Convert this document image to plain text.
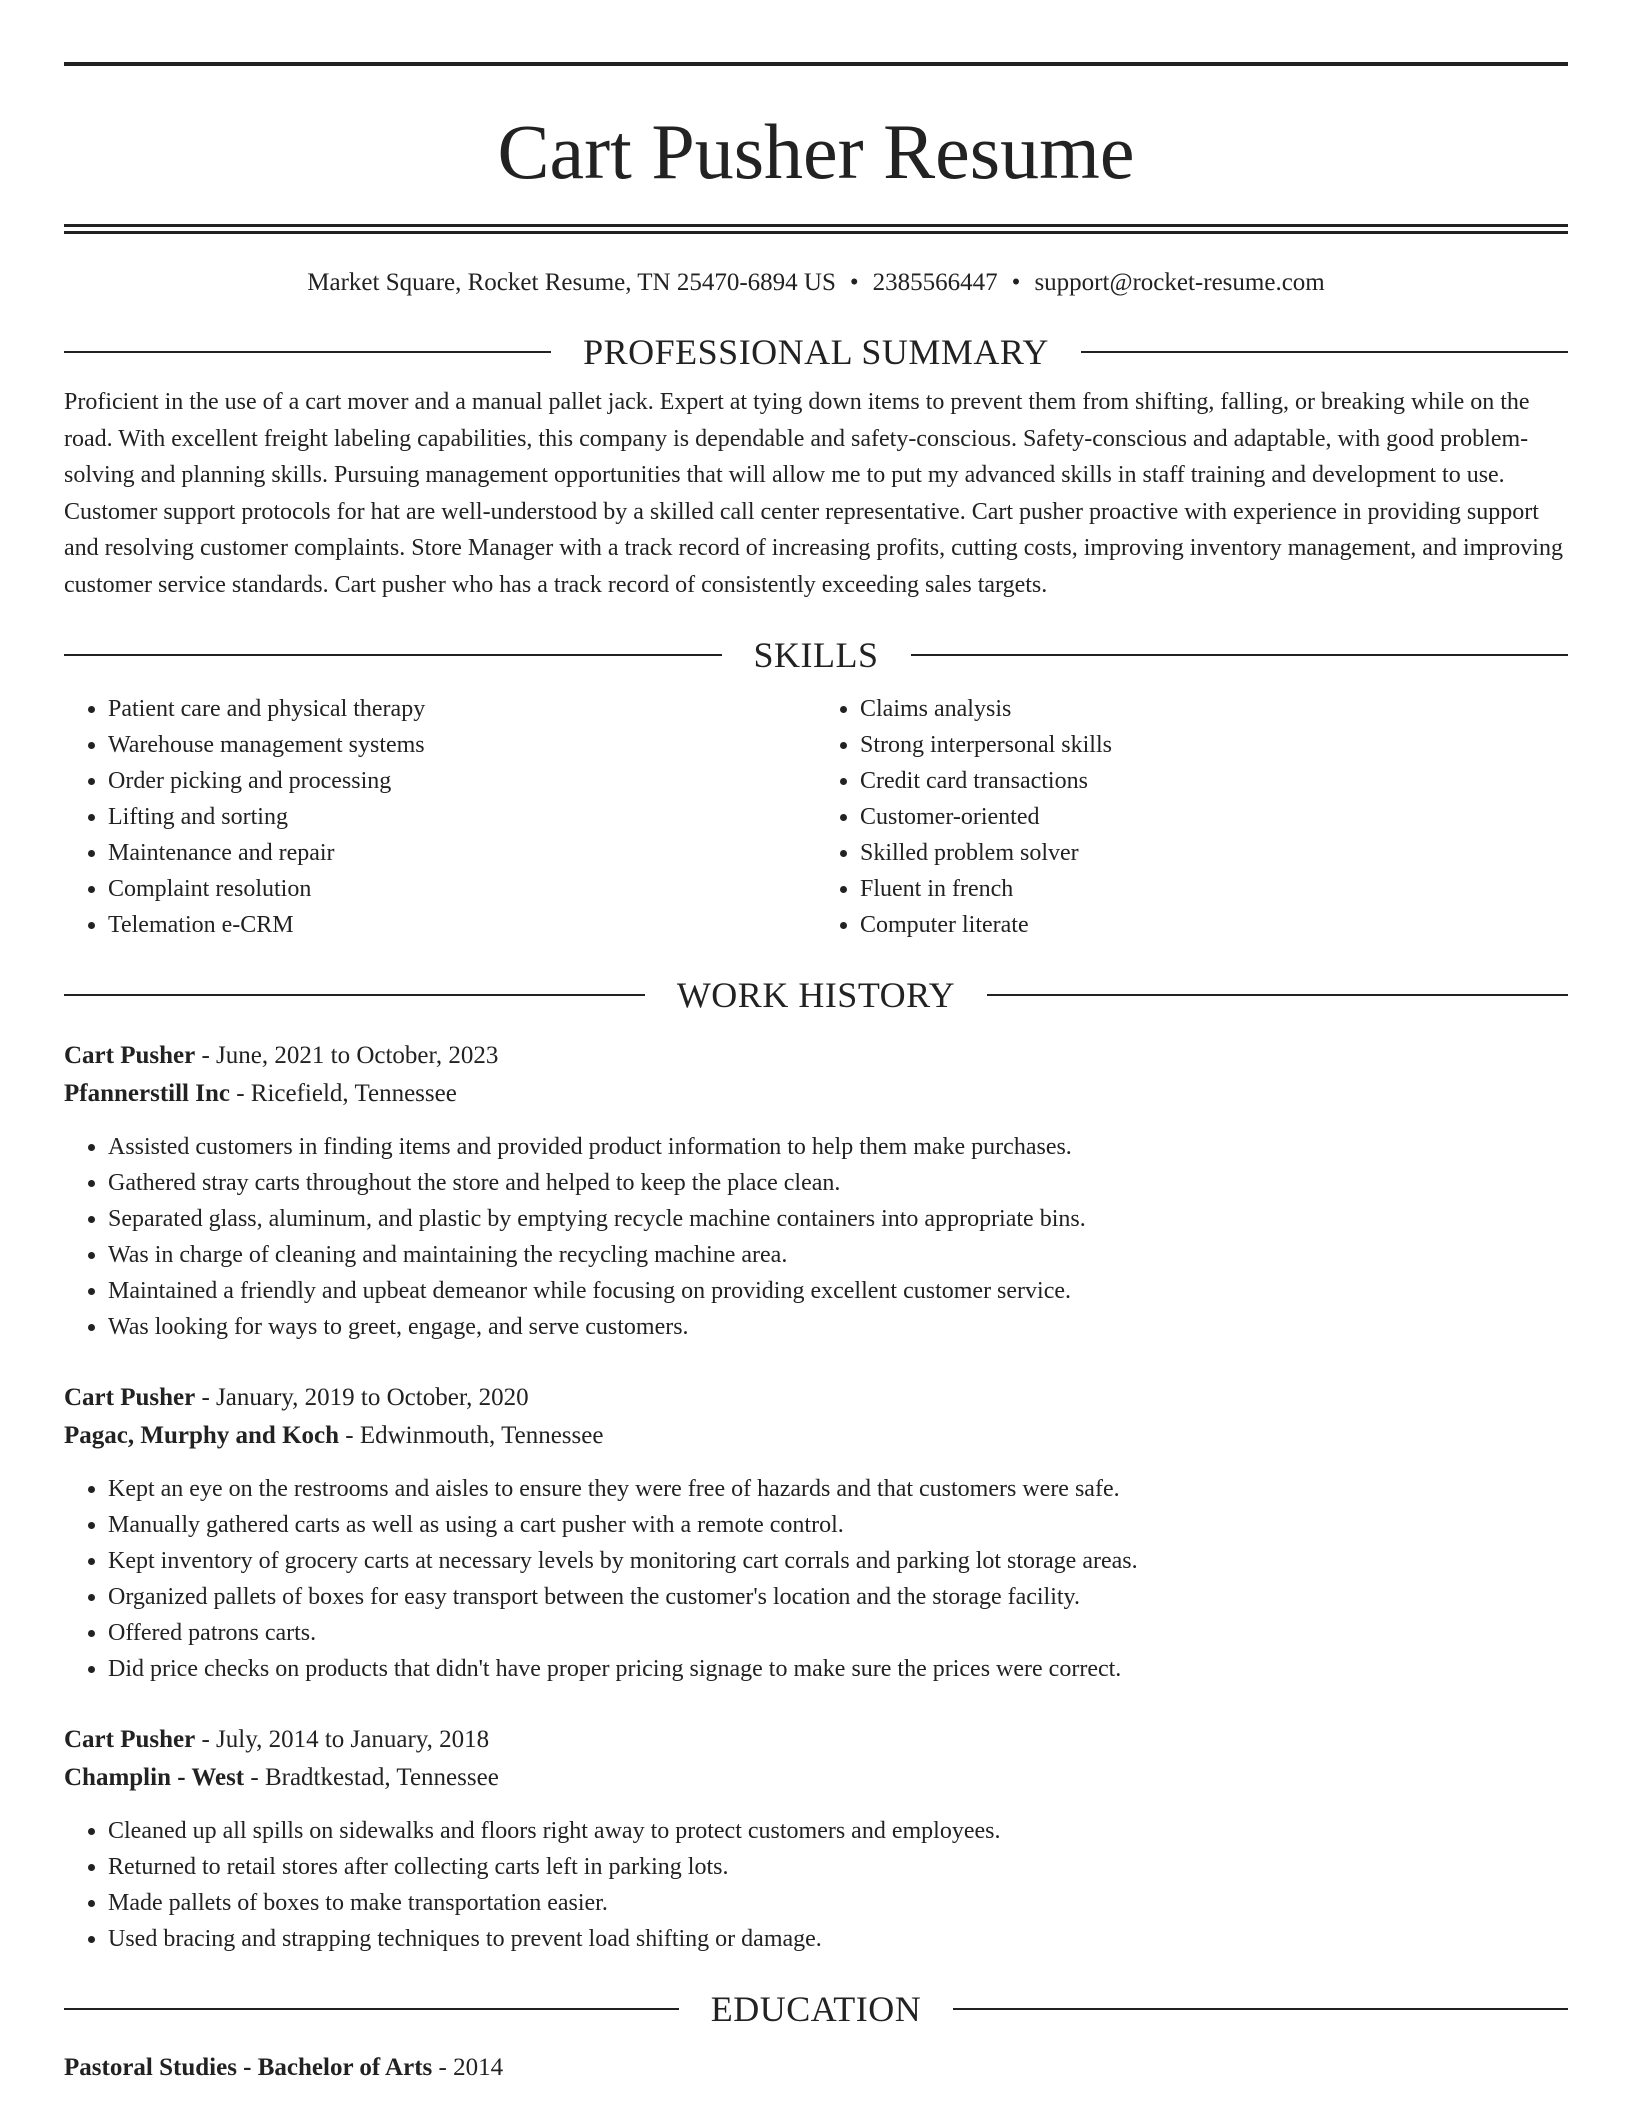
Cart Pusher Resume
Market Square, Rocket Resume, TN 25470-6894 US • 2385566447 • support@rocket-resume.com
PROFESSIONAL SUMMARY
Proficient in the use of a cart mover and a manual pallet jack. Expert at tying down items to prevent them from shifting, falling, or breaking while on the road. With excellent freight labeling capabilities, this company is dependable and safety-conscious. Safety-conscious and adaptable, with good problem-solving and planning skills. Pursuing management opportunities that will allow me to put my advanced skills in staff training and development to use. Customer support protocols for hat are well-understood by a skilled call center representative. Cart pusher proactive with experience in providing support and resolving customer complaints. Store Manager with a track record of increasing profits, cutting costs, improving inventory management, and improving customer service standards. Cart pusher who has a track record of consistently exceeding sales targets.
SKILLS
• Patient care and physical therapy
• Warehouse management systems
• Order picking and processing
• Lifting and sorting
• Maintenance and repair
• Complaint resolution
• Telemation e-CRM
• Claims analysis
• Strong interpersonal skills
• Credit card transactions
• Customer-oriented
• Skilled problem solver
• Fluent in french
• Computer literate
WORK HISTORY
Cart Pusher - June, 2021 to October, 2023
Pfannerstill Inc - Ricefield, Tennessee
• Assisted customers in finding items and provided product information to help them make purchases.
• Gathered stray carts throughout the store and helped to keep the place clean.
• Separated glass, aluminum, and plastic by emptying recycle machine containers into appropriate bins.
• Was in charge of cleaning and maintaining the recycling machine area.
• Maintained a friendly and upbeat demeanor while focusing on providing excellent customer service.
• Was looking for ways to greet, engage, and serve customers.
Cart Pusher - January, 2019 to October, 2020
Pagac, Murphy and Koch - Edwinmouth, Tennessee
• Kept an eye on the restrooms and aisles to ensure they were free of hazards and that customers were safe.
• Manually gathered carts as well as using a cart pusher with a remote control.
• Kept inventory of grocery carts at necessary levels by monitoring cart corrals and parking lot storage areas.
• Organized pallets of boxes for easy transport between the customer's location and the storage facility.
• Offered patrons carts.
• Did price checks on products that didn't have proper pricing signage to make sure the prices were correct.
Cart Pusher - July, 2014 to January, 2018
Champlin - West - Bradtkestad, Tennessee
• Cleaned up all spills on sidewalks and floors right away to protect customers and employees.
• Returned to retail stores after collecting carts left in parking lots.
• Made pallets of boxes to make transportation easier.
• Used bracing and strapping techniques to prevent load shifting or damage.
EDUCATION
Pastoral Studies - Bachelor of Arts - 2014
